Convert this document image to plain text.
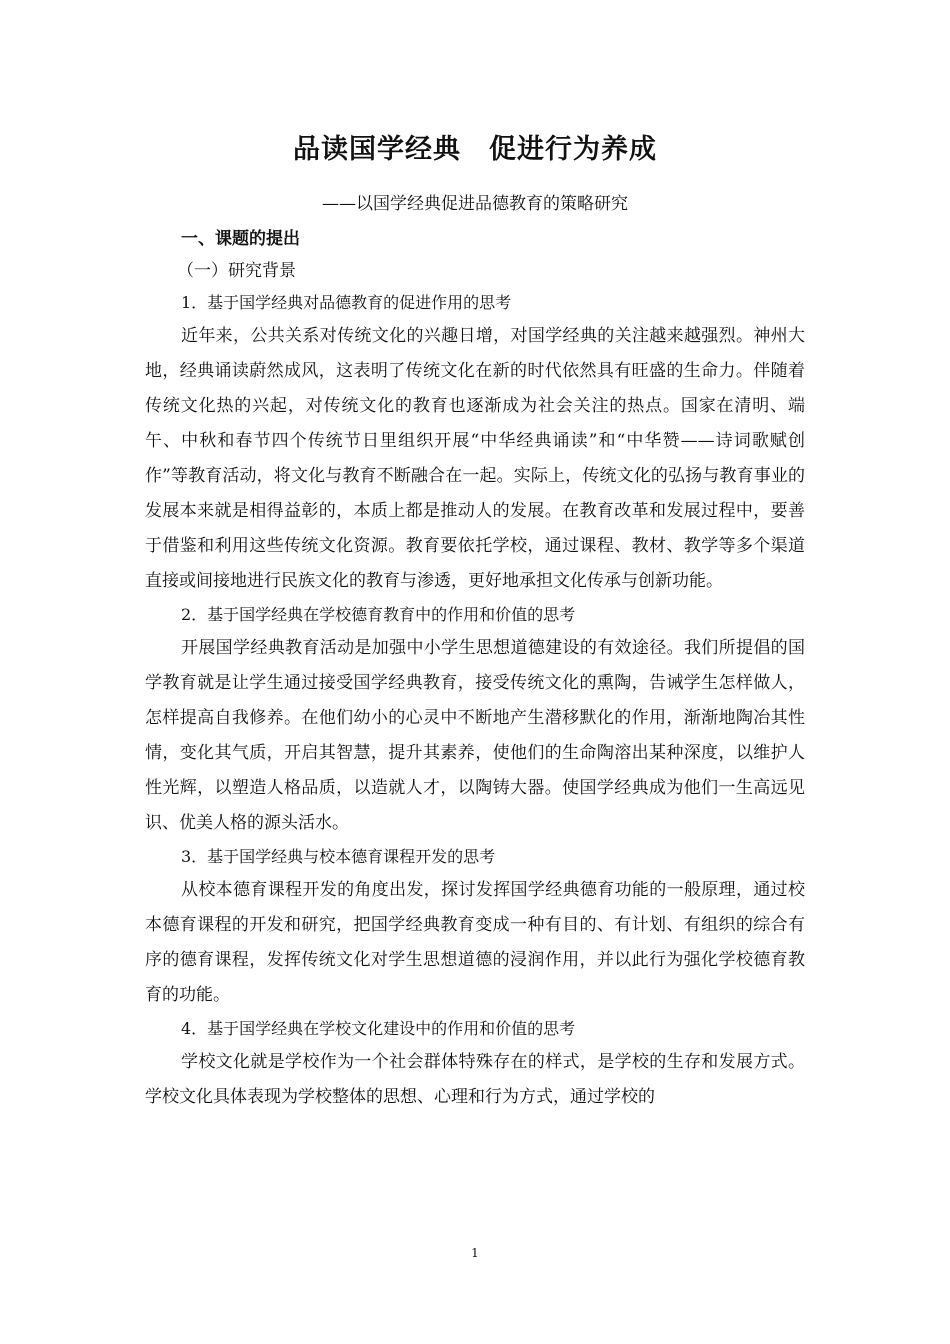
品读国学经典　促进行为养成
——以国学经典促进品德教育的策略研究
一、课题的提出
（一）研究背景
1．基于国学经典对品德教育的促进作用的思考

近年来，公共关系对传统文化的兴趣日增，对国学经典的关注越来越强烈。神州大地，经典诵读蔚然成风，这表明了传统文化在新的时代依然具有旺盛的生命力。伴随着传统文化热的兴起，对传统文化的教育也逐渐成为社会关注的热点。国家在清明、端午、中秋和春节四个传统节日里组织开展“中华经典诵读”和“中华赞——诗词歌赋创作”等教育活动，将文化与教育不断融合在一起。实际上，传统文化的弘扬与教育事业的发展本来就是相得益彰的，本质上都是推动人的发展。在教育改革和发展过程中，要善于借鉴和利用这些传统文化资源。教育要依托学校，通过课程、教材、教学等多个渠道直接或间接地进行民族文化的教育与渗透，更好地承担文化传承与创新功能。

2．基于国学经典在学校德育教育中的作用和价值的思考

开展国学经典教育活动是加强中小学生思想道德建设的有效途径。我们所提倡的国学教育就是让学生通过接受国学经典教育，接受传统文化的熏陶，告诫学生怎样做人，怎样提高自我修养。在他们幼小的心灵中不断地产生潜移默化的作用，渐渐地陶冶其性情，变化其气质，开启其智慧，提升其素养，使他们的生命陶溶出某种深度，以维护人性光辉，以塑造人格品质，以造就人才，以陶铸大器。使国学经典成为他们一生高远见识、优美人格的源头活水。

3．基于国学经典与校本德育课程开发的思考

从校本德育课程开发的角度出发，探讨发挥国学经典德育功能的一般原理，通过校本德育课程的开发和研究，把国学经典教育变成一种有目的、有计划、有组织的综合有序的德育课程，发挥传统文化对学生思想道德的浸润作用，并以此行为强化学校德育教育的功能。

4．基于国学经典在学校文化建设中的作用和价值的思考

学校文化就是学校作为一个社会群体特殊存在的样式，是学校的生存和发展方式。学校文化具体表现为学校整体的思想、心理和行为方式，通过学校的

1
